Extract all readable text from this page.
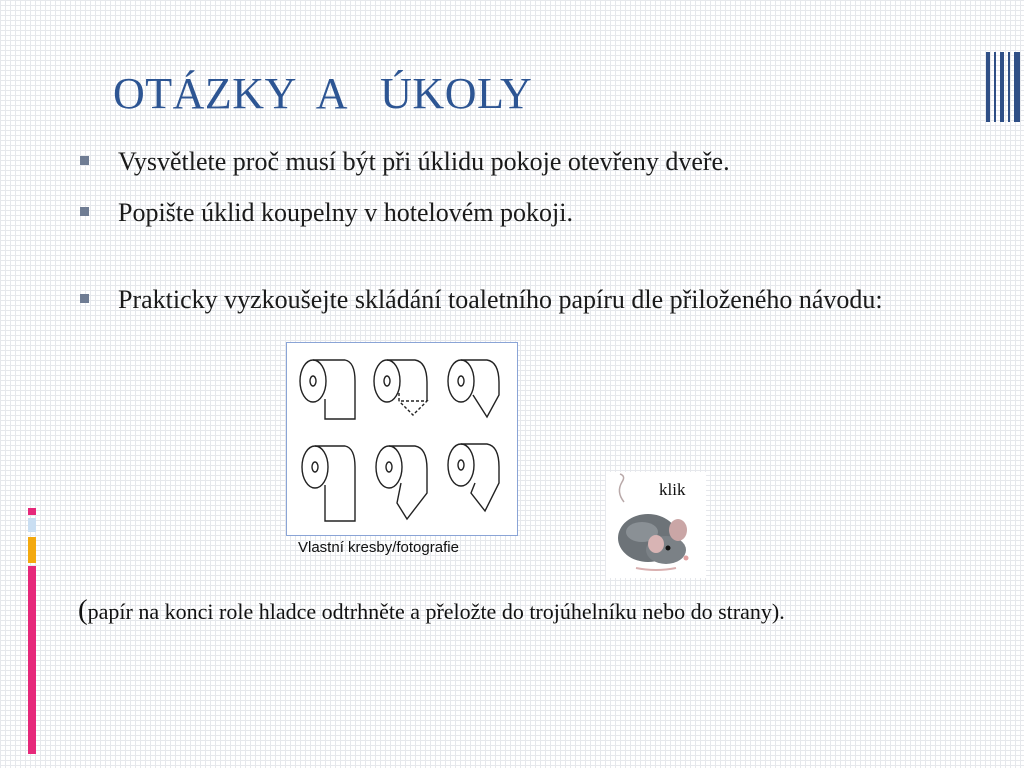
OTÁZKY  A   ÚKOLY
Vysvětlete proč musí být při úklidu pokoje otevřeny dveře.
Popište úklid koupelny v hotelovém pokoji.
Prakticky vyzkoušejte skládání toaletního papíru dle přiloženého návodu:
Vlastní kresby/fotografie
klik
(papír na konci role hladce odtrhněte a přeložte do trojúhelníku nebo do strany).
